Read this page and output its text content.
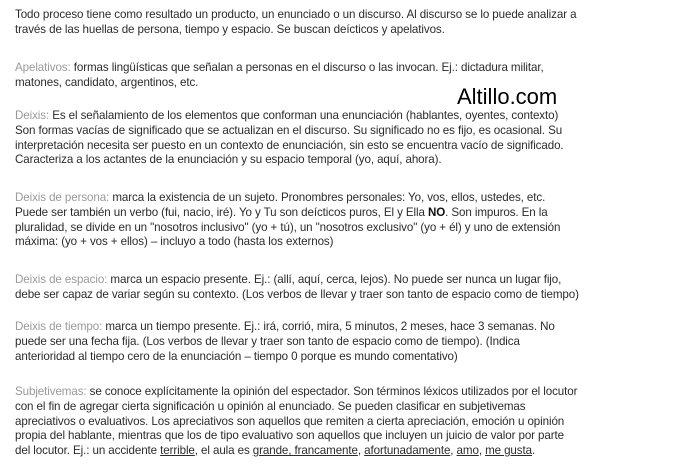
Todo proceso tiene como resultado un producto, un enunciado o un discurso. Al discurso se lo puede analizar a
través de las huellas de persona, tiempo y espacio. Se buscan deícticos y apelativos.

Apelativos: formas lingüísticas que señalan a personas en el discurso o las invocan. Ej.: dictadura militar,
matones, candidato, argentinos, etc.

Deixis: Es el señalamiento de los elementos que conforman una enunciación (hablantes, oyentes, contexto)
Son formas vacías de significado que se actualizan en el discurso. Su significado no es fijo, es ocasional. Su
interpretación necesita ser puesto en un contexto de enunciación, sin esto se encuentra vacío de significado.
Caracteriza a los actantes de la enunciación y su espacio temporal (yo, aquí, ahora).

Deixis de persona: marca la existencia de un sujeto. Pronombres personales: Yo, vos, ellos, ustedes, etc.
Puede ser también un verbo (fui, nacio, iré). Yo y Tu son deícticos puros, El y Ella NO. Son impuros. En la
pluralidad, se divide en un "nosotros inclusivo" (yo + tú), un "nosotros exclusivo" (yo + él) y uno de extensión
máxima: (yo + vos + ellos) – incluyo a todo (hasta los externos)

Deixis de espacio: marca un espacio presente. Ej.: (allí, aquí, cerca, lejos). No puede ser nunca un lugar fijo,
debe ser capaz de variar según su contexto. (Los verbos de llevar y traer son tanto de espacio como de tiempo)

Deixis de tiempo: marca un tiempo presente. Ej.: irá, corrió, mira, 5 minutos, 2 meses, hace 3 semanas. No
puede ser una fecha fija. (Los verbos de llevar y traer son tanto de espacio como de tiempo). (Indica
anterioridad al tiempo cero de la enunciación – tiempo 0 porque es mundo comentativo)

Subjetivemas: se conoce explícitamente la opinión del espectador. Son términos léxicos utilizados por el locutor
con el fin de agregar cierta significación u opinión al enunciado. Se pueden clasificar en subjetivemas
apreciativos o evaluativos. Los apreciativos son aquellos que remiten a cierta apreciación, emoción u opinión
propia del hablante, mientras que los de tipo evaluativo son aquellos que incluyen un juicio de valor por parte
del locutor. Ej.: un accidente terrible, el aula es grande, francamente, afortunadamente, amo, me gusta.

Altillo.com
